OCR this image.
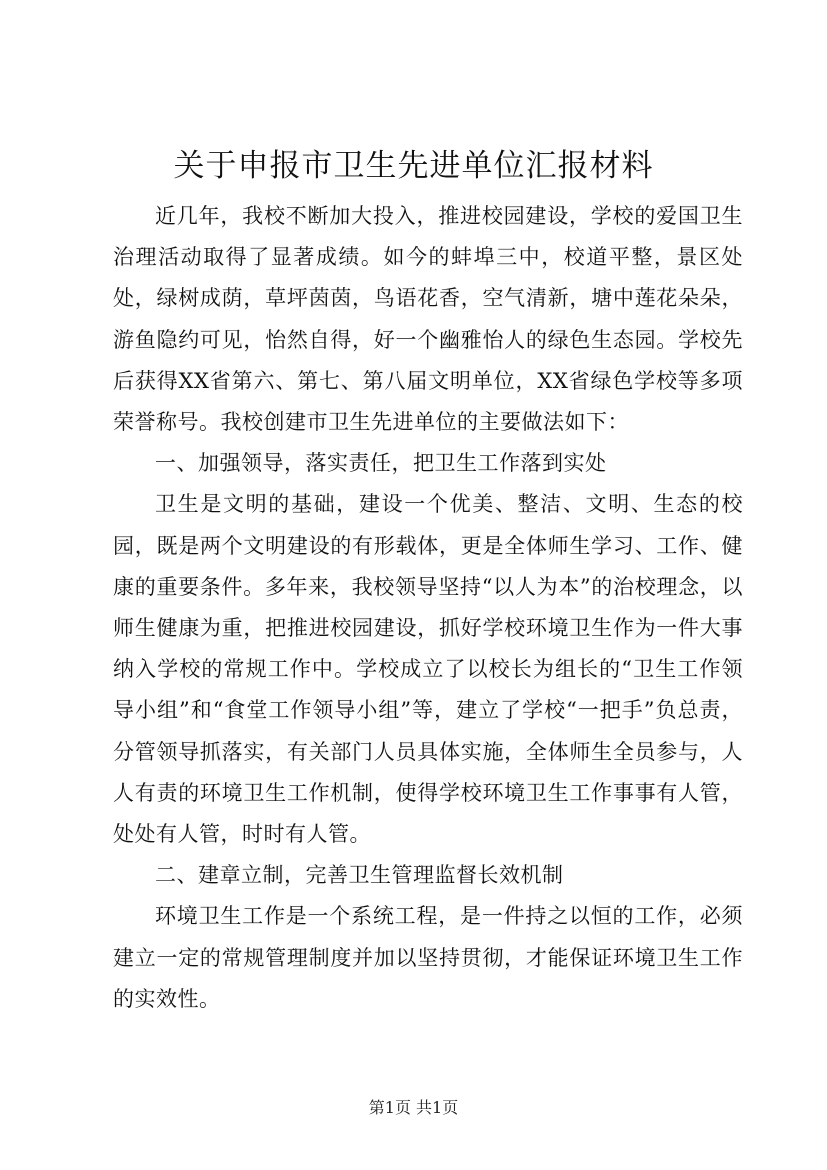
关于申报市卫生先进单位汇报材料

近几年，我校不断加大投入，推进校园建设，学校的爱国卫生治理活动取得了显著成绩。如今的蚌埠三中，校道平整，景区处处，绿树成荫，草坪茵茵，鸟语花香，空气清新，塘中莲花朵朵，游鱼隐约可见，怡然自得，好一个幽雅怡人的绿色生态园。学校先后获得XX省第六、第七、第八届文明单位，XX省绿色学校等多项荣誉称号。我校创建市卫生先进单位的主要做法如下：

一、加强领导，落实责任，把卫生工作落到实处

卫生是文明的基础，建设一个优美、整洁、文明、生态的校园，既是两个文明建设的有形载体，更是全体师生学习、工作、健康的重要条件。多年来，我校领导坚持“以人为本”的治校理念，以师生健康为重，把推进校园建设，抓好学校环境卫生作为一件大事纳入学校的常规工作中。学校成立了以校长为组长的“卫生工作领导小组”和“食堂工作领导小组”等，建立了学校“一把手”负总责，分管领导抓落实，有关部门人员具体实施，全体师生全员参与，人人有责的环境卫生工作机制，使得学校环境卫生工作事事有人管，处处有人管，时时有人管。

二、建章立制，完善卫生管理监督长效机制

环境卫生工作是一个系统工程，是一件持之以恒的工作，必须建立一定的常规管理制度并加以坚持贯彻，才能保证环境卫生工作的实效性。

第1页 共1页
